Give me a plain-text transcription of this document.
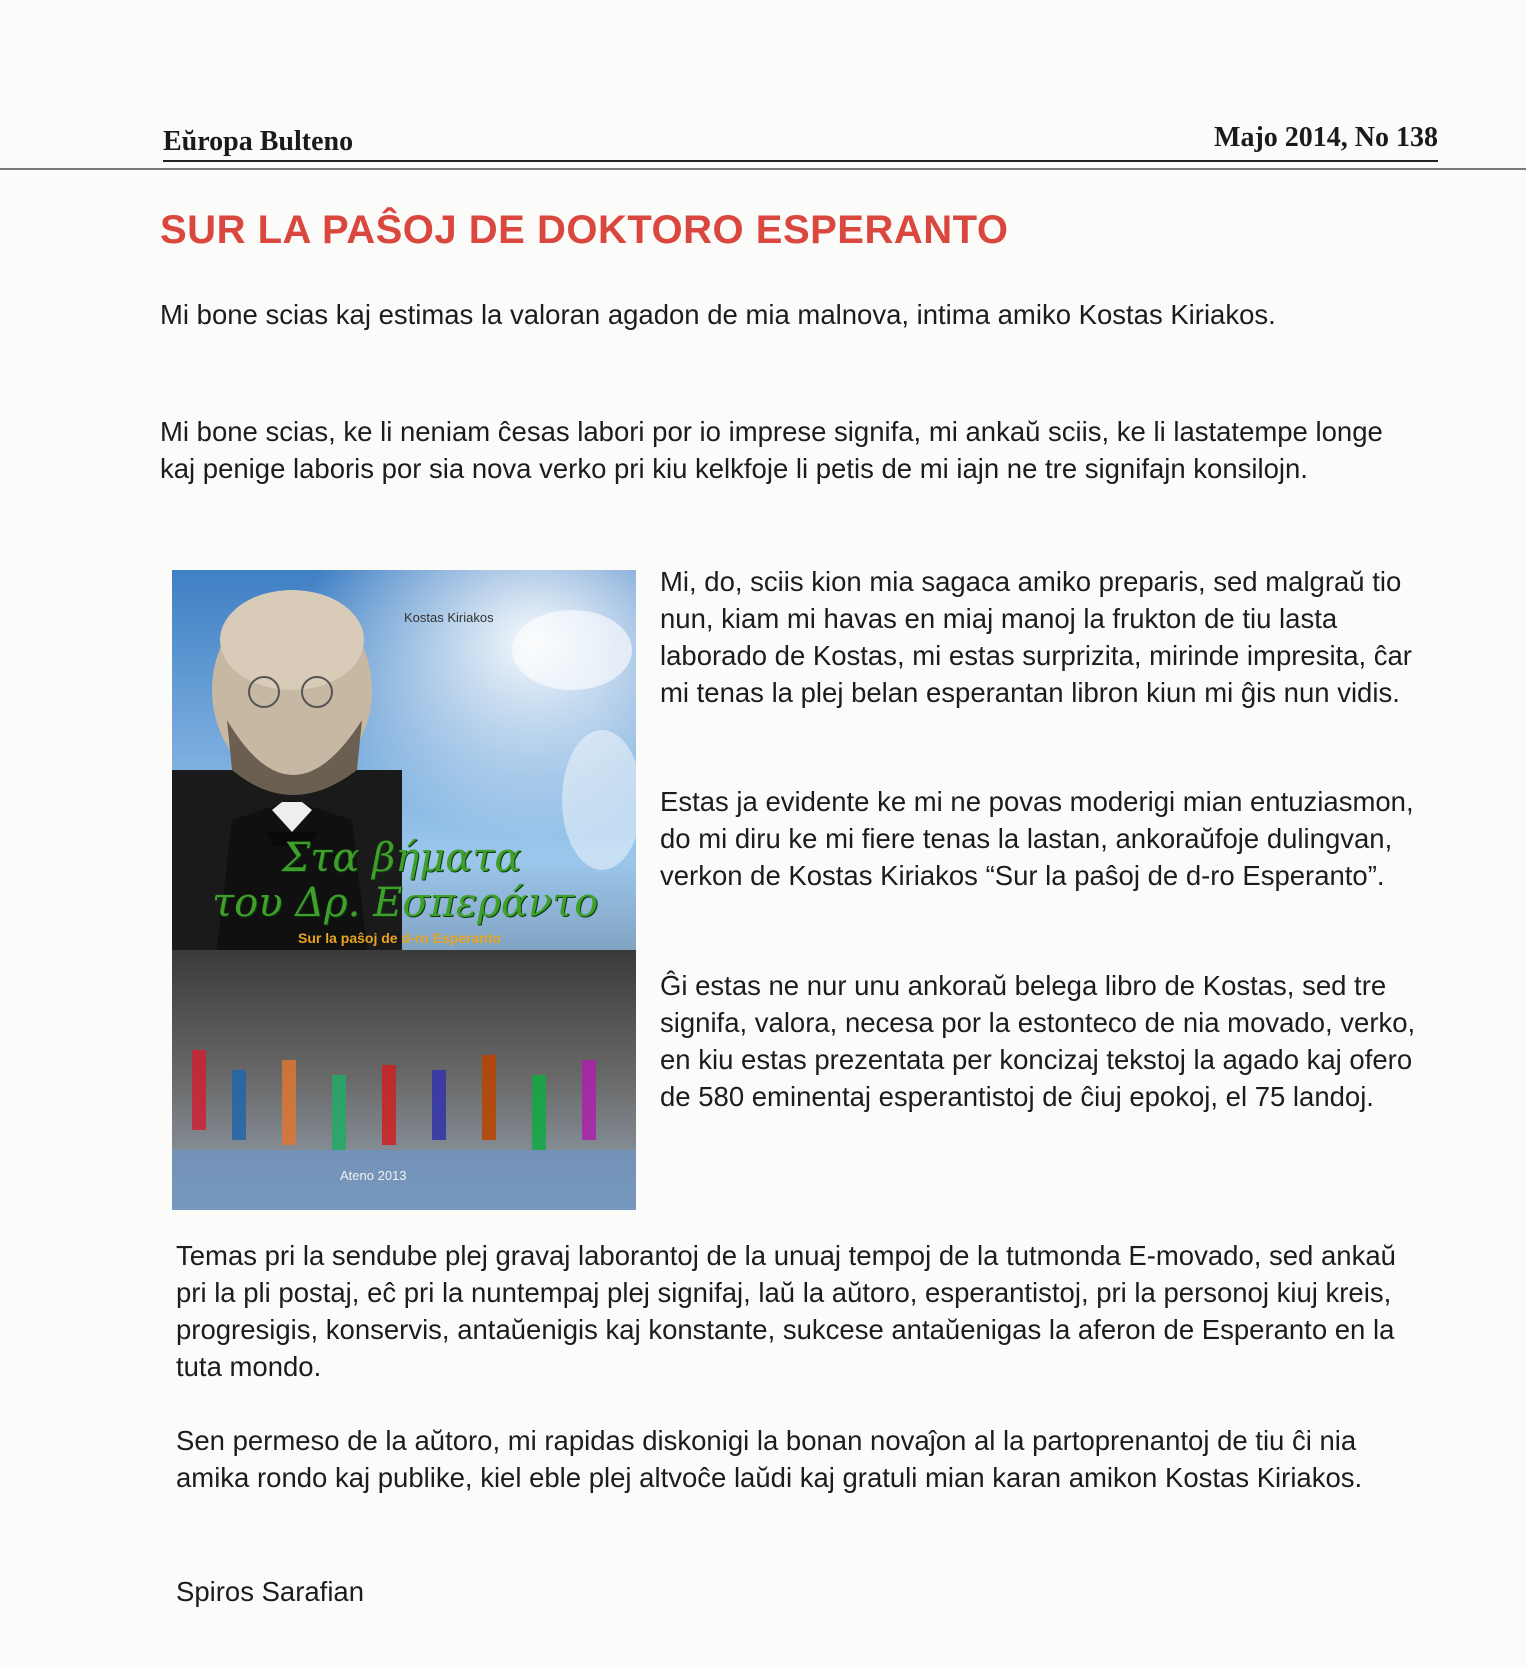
Eŭropa Bulteno	Majo 2014, No 138
SUR LA PAŜOJ DE DOKTORO ESPERANTO

Mi bone scias kaj estimas la valoran agadon de mia malnova, intima amiko Kostas Kiriakos.

Mi bone scias, ke li neniam ĉesas labori por io imprese signifa, mi ankaŭ sciis, ke li lastatempe longe kaj penige laboris por sia nova verko pri kiu kelkfoje li petis de mi iajn ne tre signifajn konsilojn.

Kostas Kiriakos
Στα βήματα
του Δρ. Εσπεράντο
Sur la paŝoj de d-ro Esperanto
Ateno 2013

Mi, do, sciis kion mia sagaca amiko preparis, sed malgraŭ tio nun, kiam mi havas en miaj manoj la frukton de tiu lasta laborado de Kostas, mi estas surprizita, mirinde impresita, ĉar mi tenas la plej belan esperantan libron kiun mi ĝis nun vidis.

Estas ja evidente ke mi ne povas moderigi mian entuziasmon, do mi diru ke mi fiere tenas la lastan, ankoraŭfoje dulingvan, verkon de Kostas Kiriakos “Sur la paŝoj de d-ro Esperanto”.

Ĝi estas ne nur unu ankoraŭ belega libro de Kostas, sed tre signifa, valora, necesa por la estonteco de nia movado, verko, en kiu estas prezentata per koncizaj tekstoj la agado kaj ofero de 580 eminentaj esperantistoj de ĉiuj epokoj, el 75 landoj.

Temas pri la sendube plej gravaj laborantoj de la unuaj tempoj de la tutmonda E-movado, sed ankaŭ pri la pli postaj, eĉ pri la nuntempaj plej signifaj, laŭ la aŭtoro, esperantistoj, pri la personoj kiuj kreis, progresigis, konservis, antaŭenigis kaj konstante, sukcese antaŭenigas la aferon de Esperanto en la tuta mondo.

Sen permeso de la aŭtoro, mi rapidas diskonigi la bonan novaĵon al la partoprenantoj de tiu ĉi nia amika rondo kaj publike, kiel eble plej altvoĉe laŭdi kaj gratuli mian karan amikon Kostas Kiriakos.

Spiros Sarafian
